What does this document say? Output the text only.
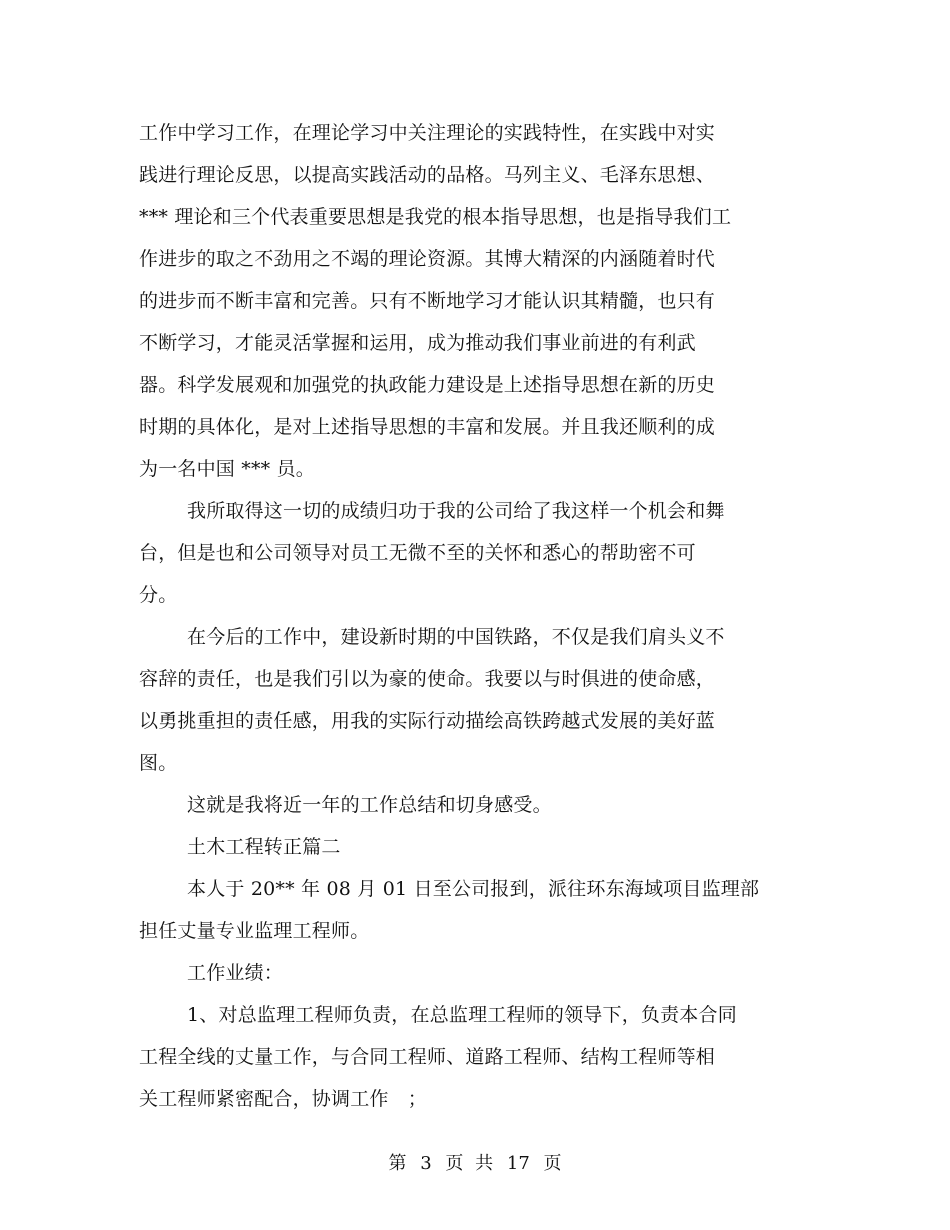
工作中学习工作，在理论学习中关注理论的实践特性，在实践中对实
践进行理论反思，以提高实践活动的品格。马列主义、毛泽东思想、
*** 理论和三个代表重要思想是我党的根本指导思想，也是指导我们工
作进步的取之不劲用之不竭的理论资源。其博大精深的内涵随着时代
的进步而不断丰富和完善。只有不断地学习才能认识其精髓，也只有
不断学习，才能灵活掌握和运用，成为推动我们事业前进的有利武
器。科学发展观和加强党的执政能力建设是上述指导思想在新的历史
时期的具体化，是对上述指导思想的丰富和发展。并且我还顺利的成
为一名中国 *** 员。
我所取得这一切的成绩归功于我的公司给了我这样一个机会和舞
台，但是也和公司领导对员工无微不至的关怀和悉心的帮助密不可
分。
在今后的工作中，建设新时期的中国铁路，不仅是我们肩头义不
容辞的责任，也是我们引以为豪的使命。我要以与时俱进的使命感，
以勇挑重担的责任感，用我的实际行动描绘高铁跨越式发展的美好蓝
图。
这就是我将近一年的工作总结和切身感受。
土木工程转正篇二
本人于 20** 年 08 月 01 日至公司报到，派往环东海域项目监理部
担任丈量专业监理工程师。
工作业绩：
1、对总监理工程师负责，在总监理工程师的领导下，负责本合同
工程全线的丈量工作，与合同工程师、道路工程师、结构工程师等相
关工程师紧密配合，协调工作　；
第 3 页 共 17 页
